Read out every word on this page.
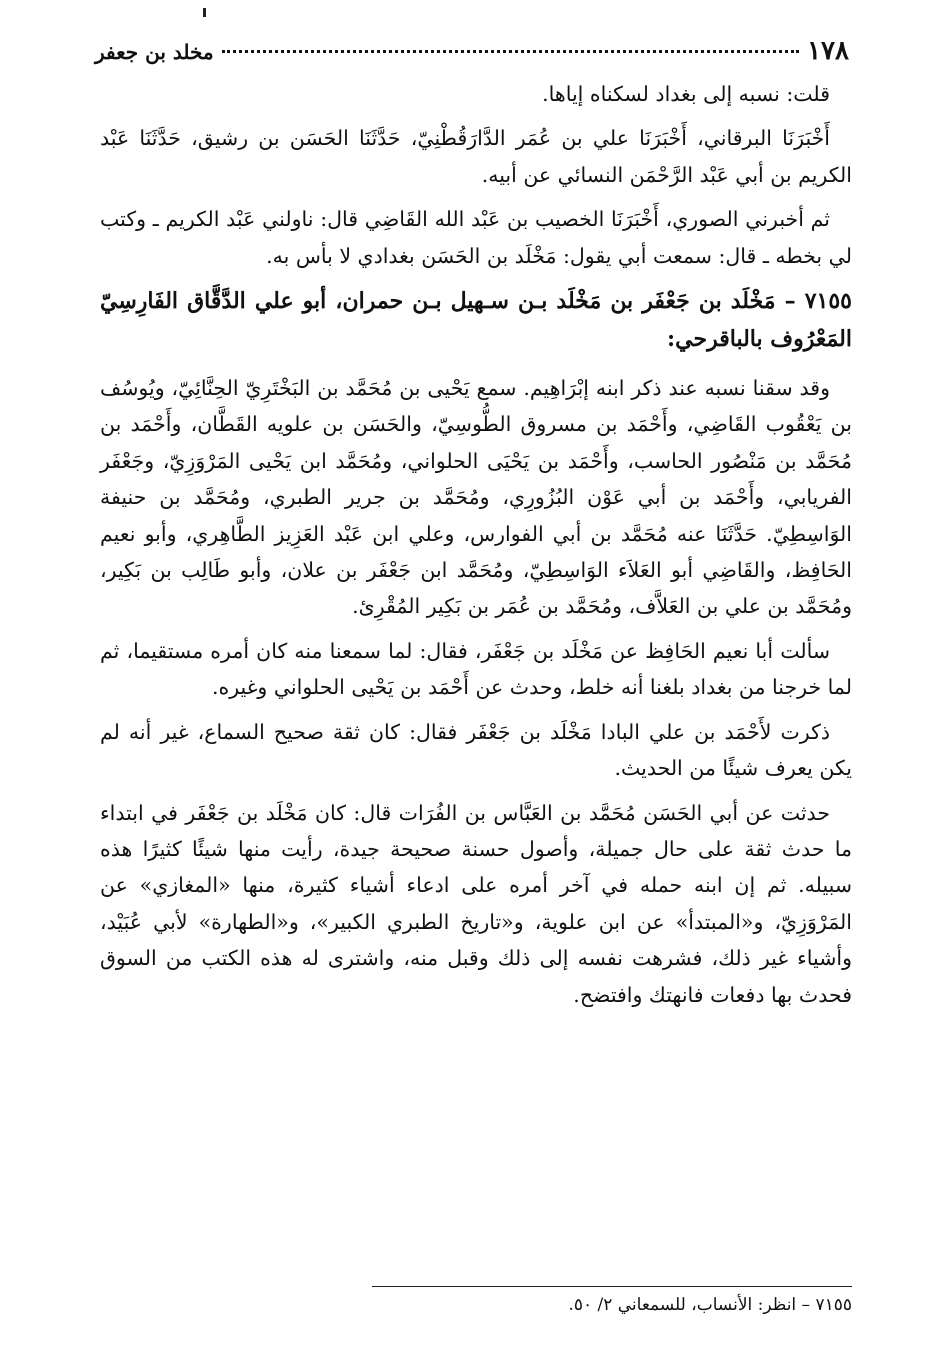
١٧٨
مخلد بن جعفر

قلت: نسبه إلى بغداد لسكناه إياها.

أَخْبَرَنَا البرقاني، أَخْبَرَنَا علي بن عُمَر الدَّارَقُطْنِيّ، حَدَّثَنَا الحَسَن بن رشيق، حَدَّثَنَا عَبْد الكريم بن أبي عَبْد الرَّحْمَن النسائي عن أبيه.

ثم أخبرني الصوري، أَخْبَرَنَا الخصيب بن عَبْد الله القَاضِي قال: ناولني عَبْد الكريم ـ وكتب لي بخطه ـ قال: سمعت أبي يقول: مَخْلَد بن الحَسَن بغدادي لا بأس به.

٧١٥٥ – مَخْلَد بن جَعْفَر بن مَخْلَد بـن سـهيل بـن حمران، أبو علي الدَّقَّاق الفَارِسِيّ المَعْرُوف بالباقرحي:

وقد سقنا نسبه عند ذكر ابنه إبْرَاهِيم. سمع يَحْيى بن مُحَمَّد بن البَخْتَرِيّ الحِنَّائِيّ، ويُوسُف بن يَعْقُوب القَاضِي، وأَحْمَد بن مسروق الطُّوسِيّ، والحَسَن بن علويه القَطَّان، وأَحْمَد بن مُحَمَّد بن مَنْصُور الحاسب، وأَحْمَد بن يَحْيَى الحلواني، ومُحَمَّد ابن يَحْيى المَرْوَزِيّ، وجَعْفَر الفريابي، وأَحْمَد بن أبي عَوْن البُزُورِي، ومُحَمَّد بن جرير الطبري، ومُحَمَّد بن حنيفة الوَاسِطِيّ. حَدَّثَنَا عنه مُحَمَّد بن أبي الفوارس، وعلي ابن عَبْد العَزِيز الطَّاهِري، وأبو نعيم الحَافِظ، والقَاضِي أبو العَلاَء الوَاسِطِيّ، ومُحَمَّد ابن جَعْفَر بن علان، وأبو طَالِب بن بَكِير، ومُحَمَّد بن علي بن العَلاَّف، ومُحَمَّد بن عُمَر بن بَكِير المُقْرِئ.

سألت أبا نعيم الحَافِظ عن مَخْلَد بن جَعْفَر، فقال: لما سمعنا منه كان أمره مستقيما، ثم لما خرجنا من بغداد بلغنا أنه خلط، وحدث عن أَحْمَد بن يَحْيى الحلواني وغيره.

ذكرت لأَحْمَد بن علي البادا مَخْلَد بن جَعْفَر فقال: كان ثقة صحيح السماع، غير أنه لم يكن يعرف شيئًا من الحديث.

حدثت عن أبي الحَسَن مُحَمَّد بن العَبَّاس بن الفُرَات قال: كان مَخْلَد بن جَعْفَر في ابتداء ما حدث ثقة على حال جميلة، وأصول حسنة صحيحة جيدة، رأيت منها شيئًا كثيرًا هذه سبيله. ثم إن ابنه حمله في آخر أمره على ادعاء أشياء كثيرة، منها «المغازي» عن المَرْوَزِيّ، و«المبتدأ» عن ابن علوية، و«تاريخ الطبري الكبير»، و«الطهارة» لأبي عُبَيْد، وأشياء غير ذلك، فشرهت نفسه إلى ذلك وقبل منه، واشترى له هذه الكتب من السوق فحدث بها دفعات فانهتك وافتضح.

٧١٥٥ – انظر: الأنساب، للسمعاني ٢/ ٥٠.
